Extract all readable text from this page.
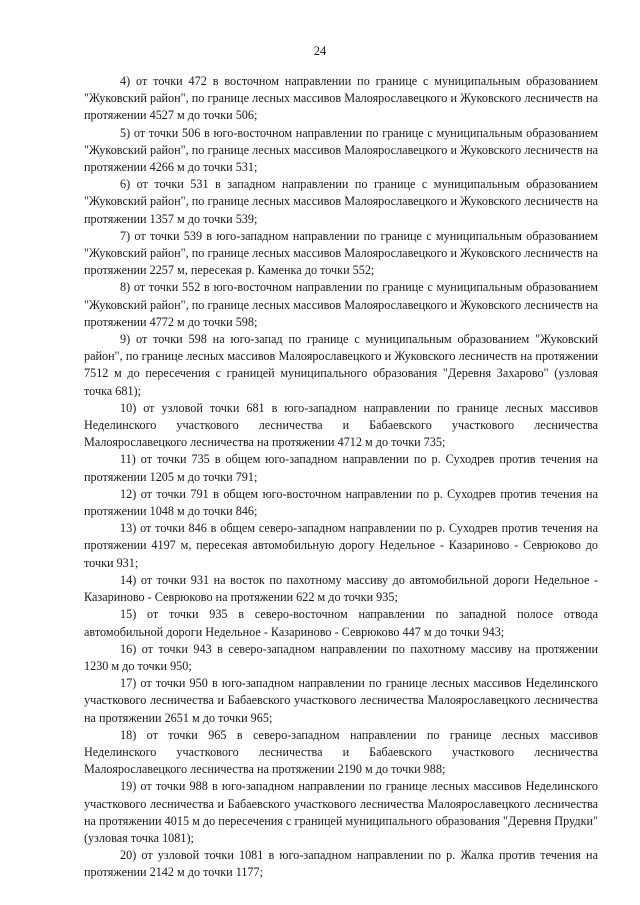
24

4) от точки 472 в восточном направлении по границе с муниципальным образованием "Жуковский район", по границе лесных массивов Малоярославецкого и Жуковского лесничеств на протяжении 4527 м до точки 506;

5) от точки 506 в юго-восточном направлении по границе с муниципальным образованием "Жуковский район", по границе лесных массивов Малоярославецкого и Жуковского лесничеств на протяжении 4266 м до точки 531;

6) от точки 531 в западном направлении по границе с муниципальным образованием "Жуковский район", по границе лесных массивов Малоярославецкого и Жуковского лесничеств на протяжении 1357 м до точки 539;

7) от точки 539 в юго-западном направлении по границе с муниципальным образованием "Жуковский район", по границе лесных массивов Малоярославецкого и Жуковского лесничеств на протяжении 2257 м, пересекая р. Каменка до точки 552;

8) от точки 552 в юго-восточном направлении по границе с муниципальным образованием "Жуковский район", по границе лесных массивов Малоярославецкого и Жуковского лесничеств на протяжении 4772 м до точки 598;

9) от точки 598 на юго-запад по границе с муниципальным образованием "Жуковский район", по границе лесных массивов Малоярославецкого и Жуковского лесничеств на протяжении 7512 м до пересечения с границей муниципального образования "Деревня Захарово" (узловая точка 681);

10) от узловой точки 681 в юго-западном направлении по границе лесных массивов Неделинского участкового лесничества и Бабаевского участкового лесничества Малоярославецкого лесничества на протяжении 4712 м до точки 735;

11) от точки 735 в общем юго-западном направлении по р. Суходрев против течения на протяжении 1205 м до точки 791;

12) от точки 791 в общем юго-восточном направлении по р. Суходрев против течения на протяжении 1048 м до точки 846;

13) от точки 846 в общем северо-западном направлении по р. Суходрев против течения на протяжении 4197 м, пересекая автомобильную дорогу Недельное - Казариново - Севрюково до точки 931;

14) от точки 931 на восток по пахотному массиву до автомобильной дороги Недельное - Казариново - Севрюково на протяжении 622 м до точки 935;

15) от точки 935 в северо-восточном направлении по западной полосе отвода автомобильной дороги Недельное - Казариново - Севрюково 447 м до точки 943;

16) от точки 943 в северо-западном направлении по пахотному массиву на протяжении 1230 м до точки 950;

17) от точки 950 в юго-западном направлении по границе лесных массивов Неделинского участкового лесничества и Бабаевского участкового лесничества Малоярославецкого лесничества на протяжении 2651 м до точки 965;

18) от точки 965 в северо-западном направлении по границе лесных массивов Неделинского участкового лесничества и Бабаевского участкового лесничества Малоярославецкого лесничества на протяжении 2190 м до точки 988;

19) от точки 988 в юго-западном направлении по границе лесных массивов Неделинского участкового лесничества и Бабаевского участкового лесничества Малоярославецкого лесничества на протяжении 4015 м до пересечения с границей муниципального образования "Деревня Прудки" (узловая точка 1081);

20) от узловой точки 1081 в юго-западном направлении по р. Жалка против течения на протяжении 2142 м до точки 1177;
